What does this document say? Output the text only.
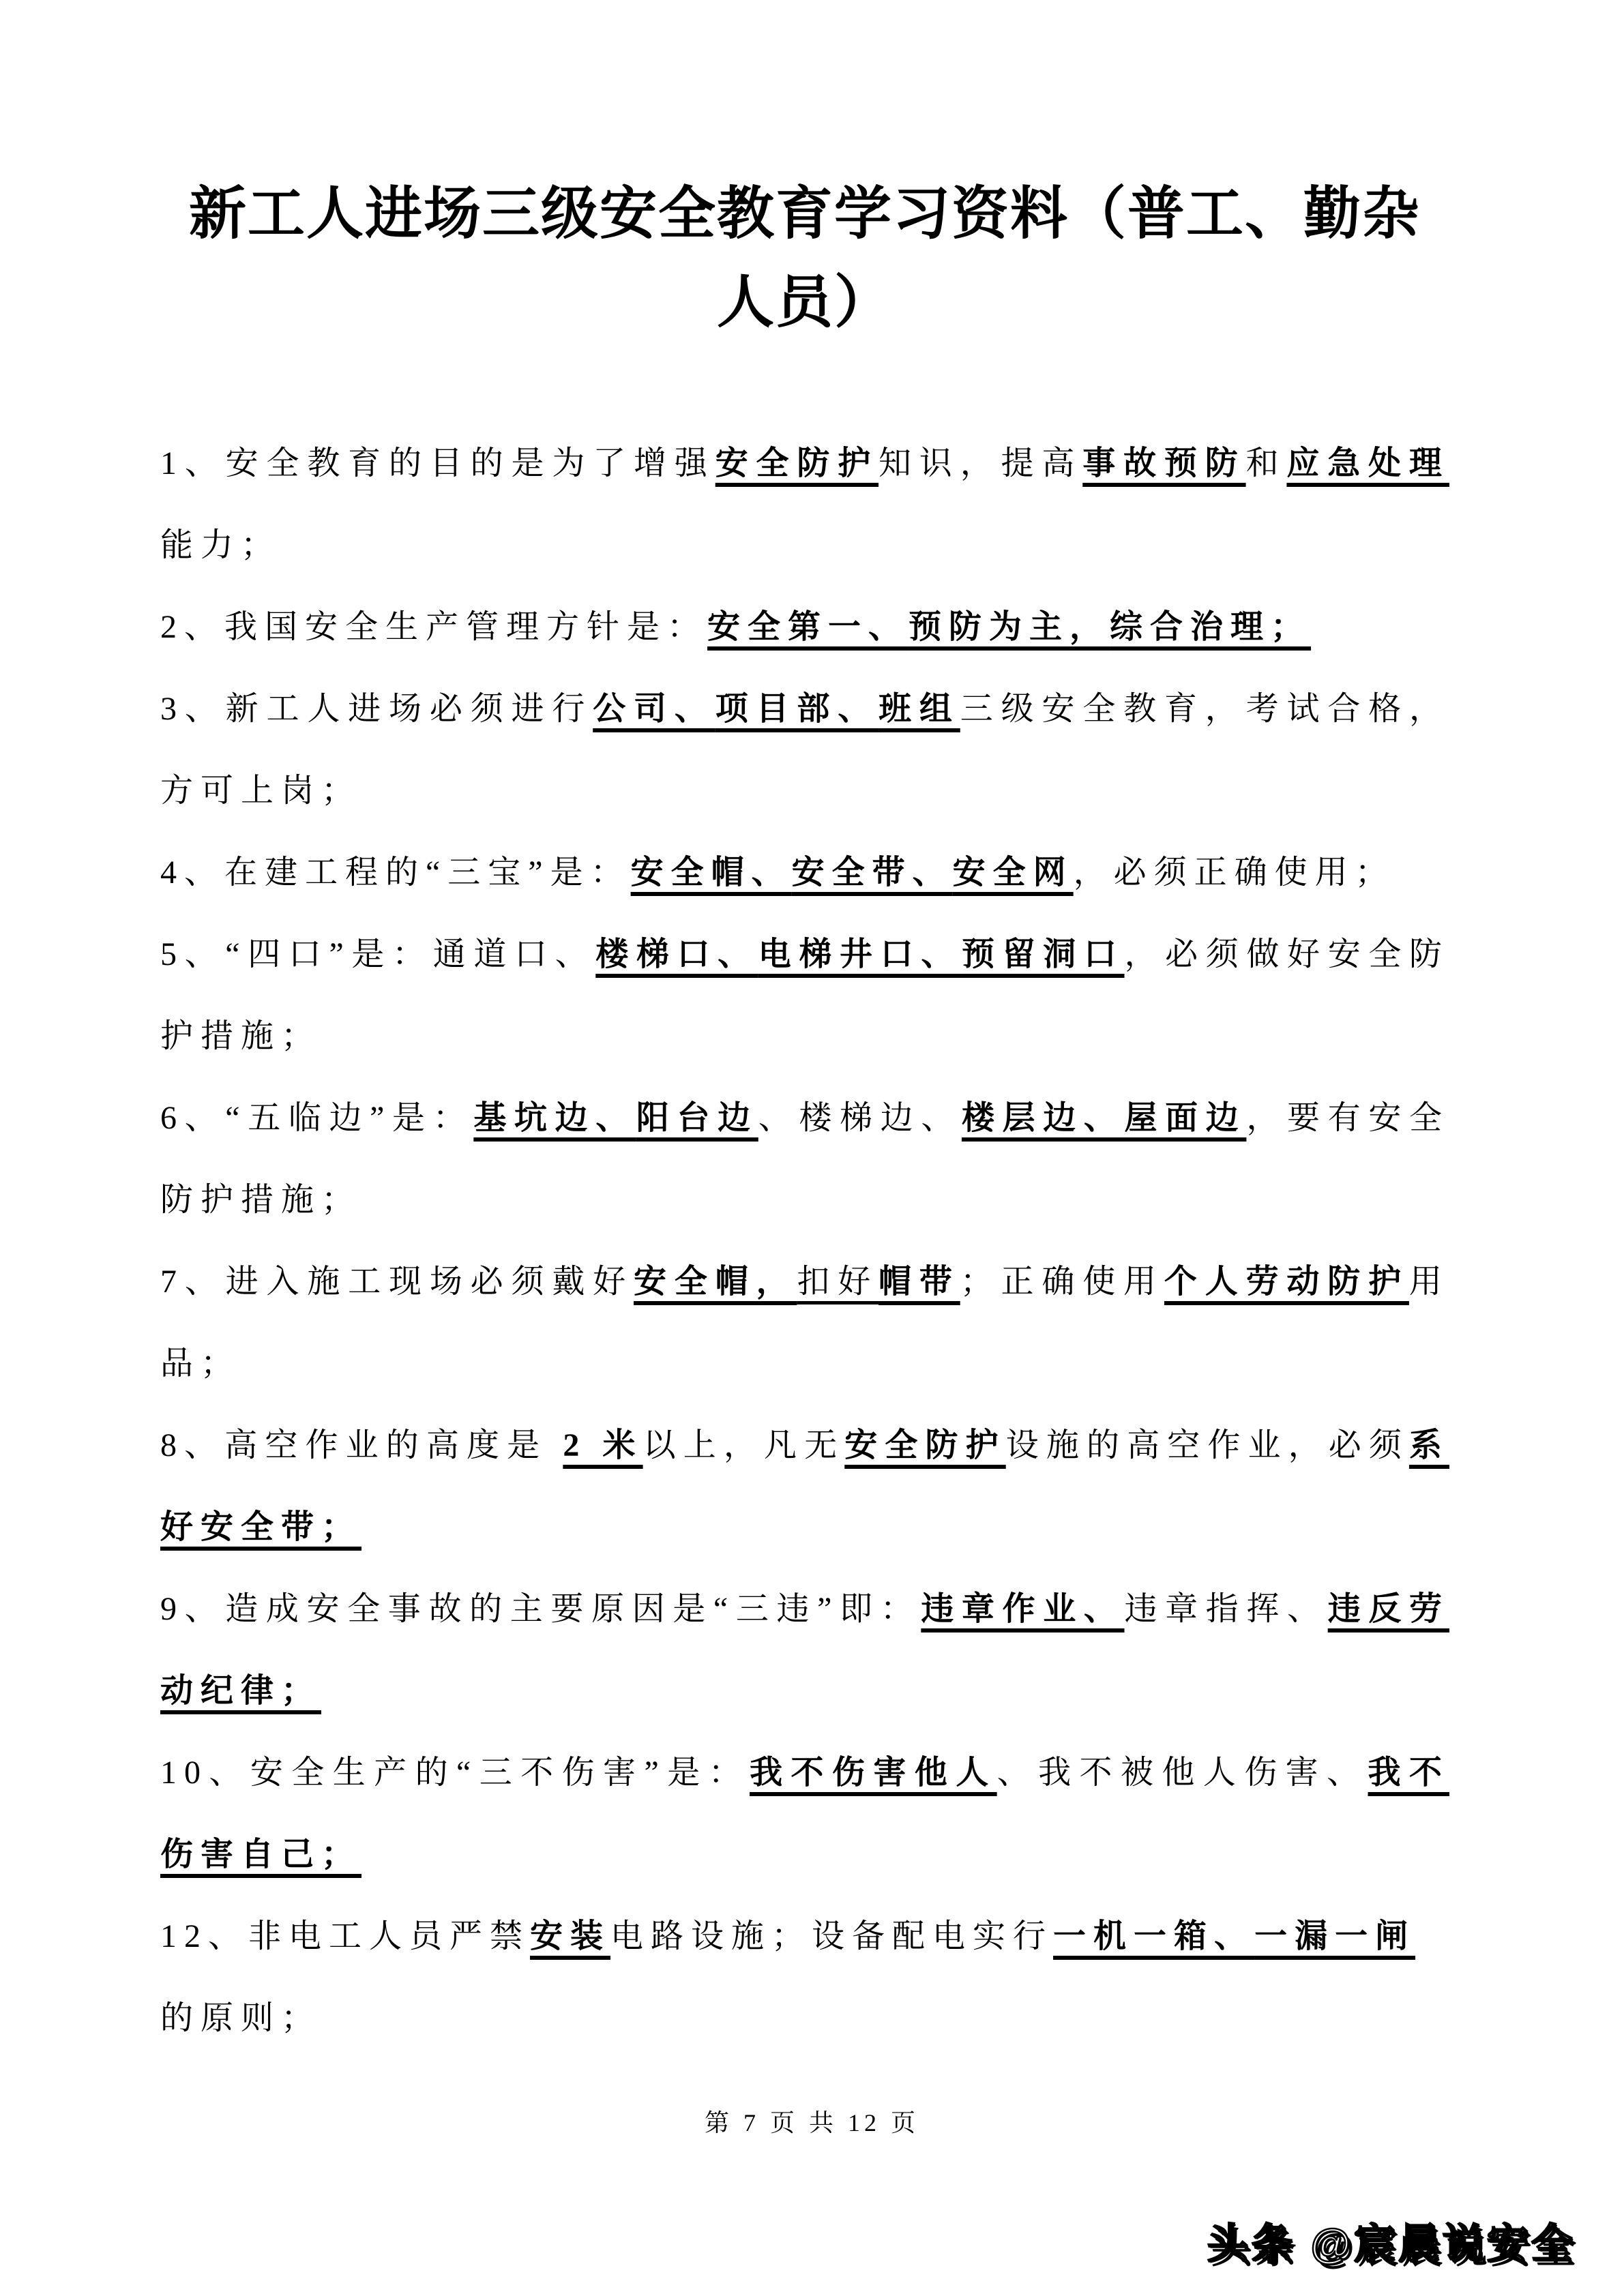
新工人进场三级安全教育学习资料（普工、勤杂
人员）

1、安全教育的目的是为了增强安全防护知识，提高事故预防和应急处理能力；

2、我国安全生产管理方针是：安全第一、预防为主，综合治理；

3、新工人进场必须进行公司、项目部、班组三级安全教育，考试合格，方可上岗；

4、在建工程的“三宝”是：安全帽、安全带、安全网，必须正确使用；

5、“四口”是：通道口、楼梯口、电梯井口、预留洞口，必须做好安全防护措施；

6、“五临边”是：基坑边、阳台边、楼梯边、楼层边、屋面边，要有安全防护措施；

7、进入施工现场必须戴好安全帽，扣好帽带；正确使用个人劳动防护用品；

8、高空作业的高度是 2 米以上，凡无安全防护设施的高空作业，必须系好安全带；

9、造成安全事故的主要原因是“三违”即：违章作业、违章指挥、违反劳动纪律；

10、安全生产的“三不伤害”是：我不伤害他人、我不被他人伤害、我不伤害自己；

12、非电工人员严禁安装电路设施；设备配电实行一机一箱、一漏一闸
的原则；

第 7 页 共 12 页
头条 @宸晨说安全
